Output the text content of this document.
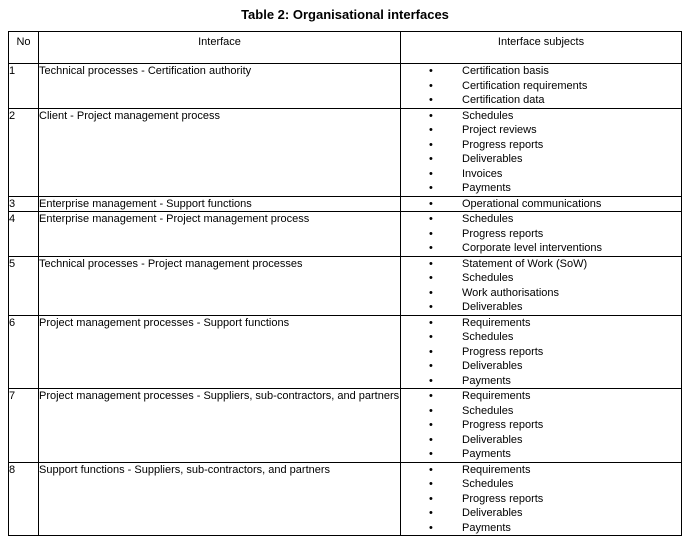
Table 2: Organisational interfaces
No	Interface	Interface subjects
1	Technical processes - Certification authority	• Certification basis
• Certification requirements
• Certification data

2	Client - Project management process	•	Schedules
•	Project reviews
•	Progress reports
•	Deliverables
•	Invoices
•	Payments

3	Enterprise management - Support functions	• Operational communications

4	Enterprise management - Project management process	• Schedules
• Progress reports
• Corporate level interventions

5	Technical processes - Project management processes	• Statement of Work (SoW)
• Schedules
• Work authorisations
• Deliverables

6	Project management processes - Support functions	• Requirements
• Schedules
• Progress reports
• Deliverables
• Payments

7	Project management processes - Suppliers, sub-contractors, and partners	• Requirements
• Schedules
• Progress reports
• Deliverables
• Payments

8	Support functions - Suppliers, sub-contractors, and partners	• Requirements
• Schedules
• Progress reports
• Deliverables
• Payments
